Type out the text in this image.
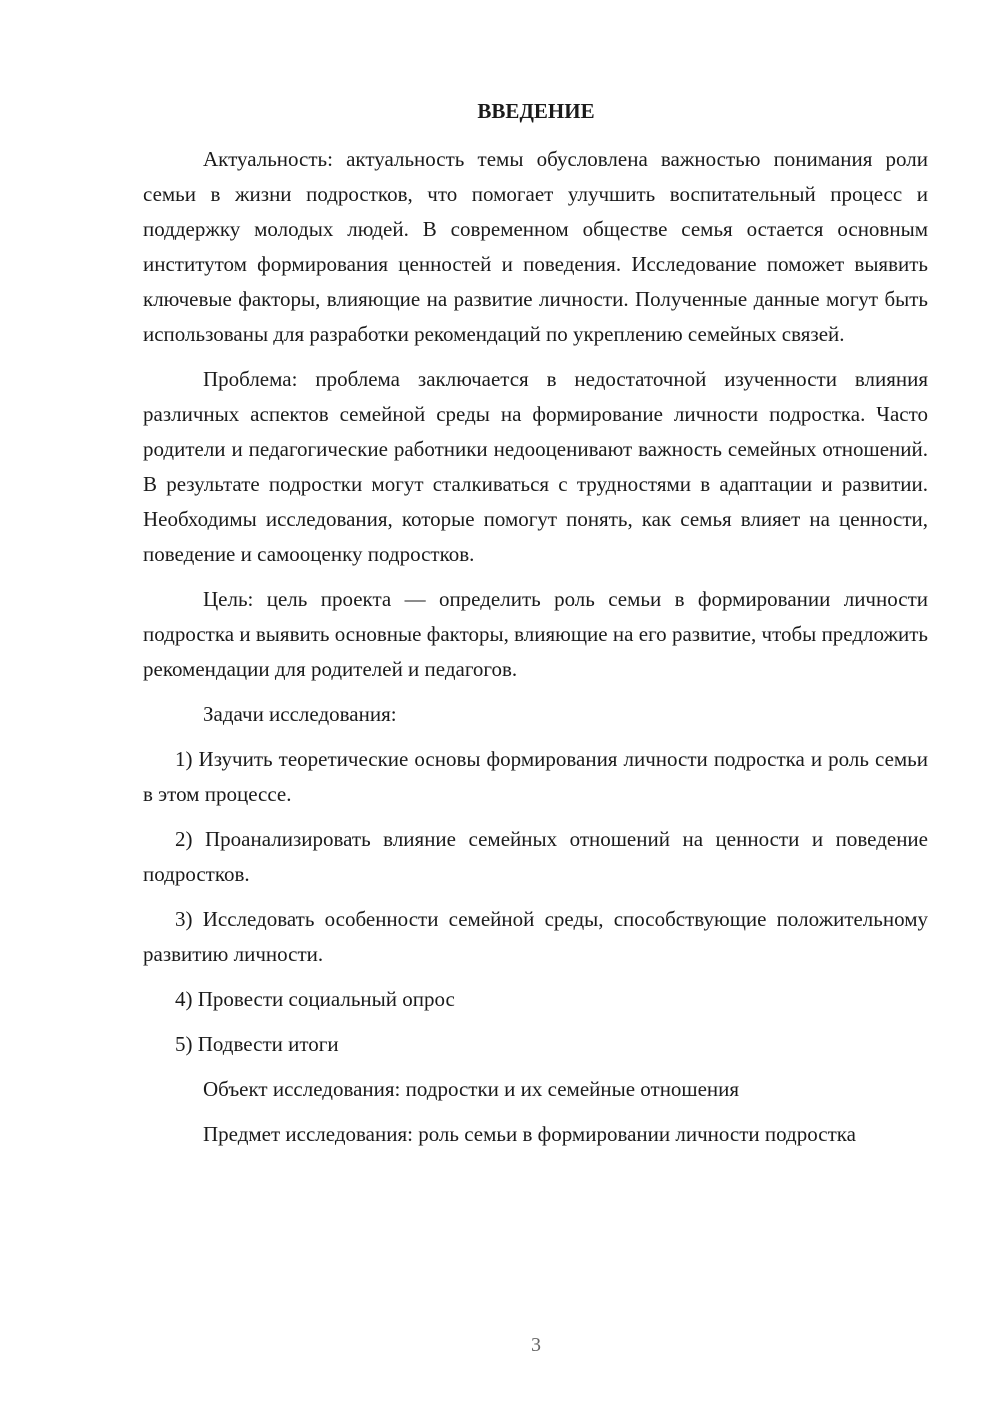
ВВЕДЕНИЕ

Актуальность: актуальность темы обусловлена важностью понимания роли семьи в жизни подростков, что помогает улучшить воспитательный процесс и поддержку молодых людей. В современном обществе семья остается основным институтом формирования ценностей и поведения. Исследование поможет выявить ключевые факторы, влияющие на развитие личности. Полученные данные могут быть использованы для разработки рекомендаций по укреплению семейных связей.

Проблема: проблема заключается в недостаточной изученности влияния различных аспектов семейной среды на формирование личности подростка. Часто родители и педагогические работники недооценивают важность семейных отношений. В результате подростки могут сталкиваться с трудностями в адаптации и развитии. Необходимы исследования, которые помогут понять, как семья влияет на ценности, поведение и самооценку подростков.

Цель: цель проекта — определить роль семьи в формировании личности подростка и выявить основные факторы, влияющие на его развитие, чтобы предложить рекомендации для родителей и педагогов.

Задачи исследования:

1) Изучить теоретические основы формирования личности подростка и роль семьи в этом процессе.

2) Проанализировать влияние семейных отношений на ценности и поведение подростков.

3) Исследовать особенности семейной среды, способствующие положительному развитию личности.

4) Провести социальный опрос

5) Подвести итоги

Объект исследования: подростки и их семейные отношения

Предмет исследования: роль семьи в формировании личности подростка

3
